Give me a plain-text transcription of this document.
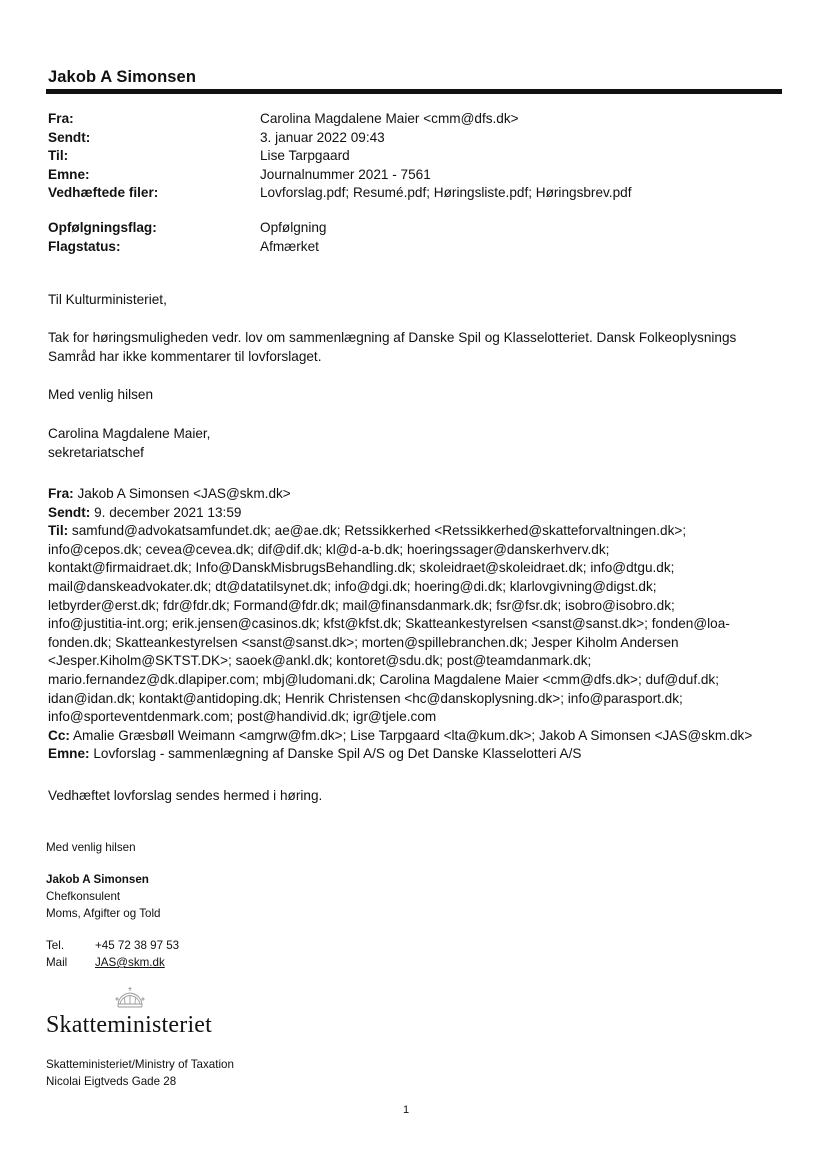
Jakob A Simonsen
Fra:	Carolina Magdalene Maier <cmm@dfs.dk>
Sendt:	3. januar 2022 09:43
Til:	Lise Tarpgaard
Emne:	Journalnummer 2021 - 7561
Vedhæftede filer:	Lovforslag.pdf; Resumé.pdf; Høringsliste.pdf; Høringsbrev.pdf
Opfølgningsflag:	Opfølgning
Flagstatus:	Afmærket

Til Kulturministeriet,

Tak for høringsmuligheden vedr. lov om sammenlægning af Danske Spil og Klasselotteriet. Dansk Folkeoplysnings

Samråd har ikke kommentarer til lovforslaget.

Med venlig hilsen

Carolina Magdalene Maier,
sekretariatschef
Fra: Jakob A Simonsen <JAS@skm.dk>
Sendt: 9. december 2021 13:59
Til: samfund@advokatsamfundet.dk; ae@ae.dk; Retssikkerhed <Retssikkerhed@skatteforvaltningen.dk>;
info@cepos.dk; cevea@cevea.dk; dif@dif.dk; kl@d-a-b.dk; hoeringssager@danskerhverv.dk;
kontakt@firmaidraet.dk; Info@DanskMisbrugsBehandling.dk; skoleidraet@skoleidraet.dk; info@dtgu.dk;
mail@danskeadvokater.dk; dt@datatilsynet.dk; info@dgi.dk; hoering@di.dk; klarlovgivning@digst.dk;
letbyrder@erst.dk; fdr@fdr.dk; Formand@fdr.dk; mail@finansdanmark.dk; fsr@fsr.dk; isobro@isobro.dk;
info@justitia-int.org; erik.jensen@casinos.dk; kfst@kfst.dk; Skatteankestyrelsen <sanst@sanst.dk>; fonden@loa-
fonden.dk; Skatteankestyrelsen <sanst@sanst.dk>; morten@spillebranchen.dk; Jesper Kiholm Andersen
<Jesper.Kiholm@SKTST.DK>; saoek@ankl.dk; kontoret@sdu.dk; post@teamdanmark.dk;
mario.fernandez@dk.dlapiper.com; mbj@ludomani.dk; Carolina Magdalene Maier <cmm@dfs.dk>; duf@duf.dk;
idan@idan.dk; kontakt@antidoping.dk; Henrik Christensen <hc@danskoplysning.dk>; info@parasport.dk;
info@sporteventdenmark.com; post@handivid.dk; igr@tjele.com
Cc: Amalie Græsbøll Weimann <amgrw@fm.dk>; Lise Tarpgaard <lta@kum.dk>; Jakob A Simonsen <JAS@skm.dk>
Emne: Lovforslag - sammenlægning af Danske Spil A/S og Det Danske Klasselotteri A/S
Vedhæftet lovforslag sendes hermed i høring.
Med venlig hilsen
Jakob A Simonsen
Chefkonsulent
Moms, Afgifter og Told
Tel.	+45 72 38 97 53
Mail	JAS@skm.dk
Skatteministeriet
Skatteministeriet/Ministry of Taxation
Nicolai Eigtveds Gade 28
1
